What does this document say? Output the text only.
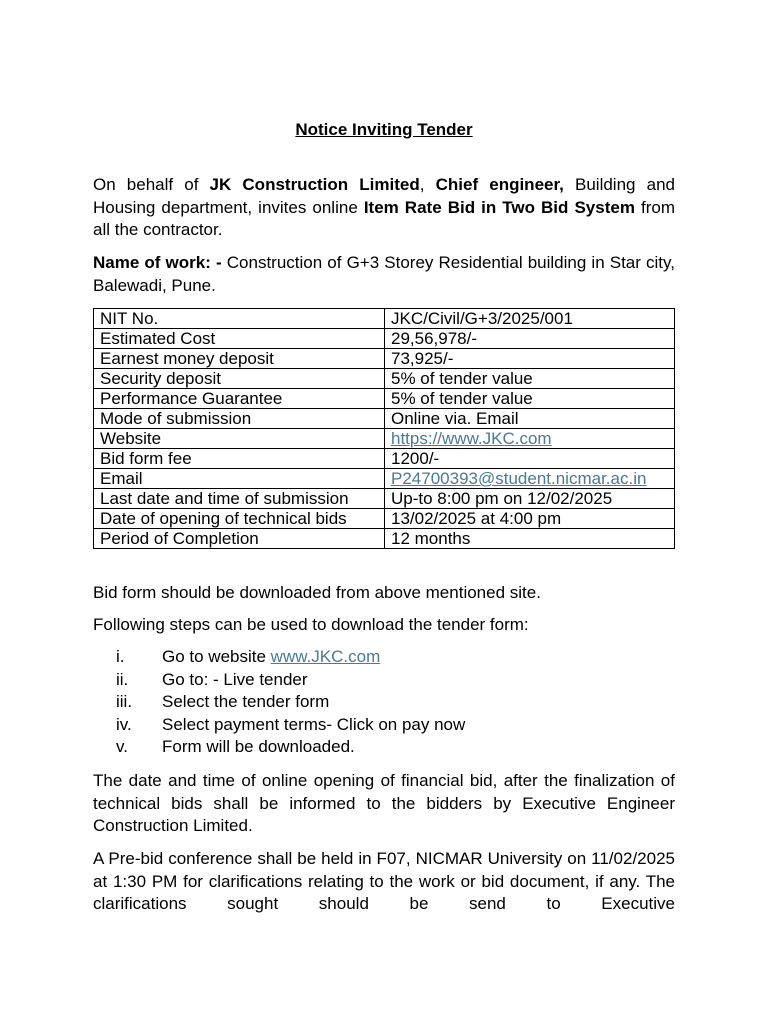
Notice Inviting Tender

On behalf of JK Construction Limited, Chief engineer, Building and Housing department, invites online Item Rate Bid in Two Bid System from all the contractor.

Name of work: - Construction of G+3 Storey Residential building in Star city, Balewadi, Pune.

NIT No.	JKC/Civil/G+3/2025/001
Estimated Cost	29,56,978/-
Earnest money deposit	73,925/-
Security deposit	5% of tender value
Performance Guarantee	5% of tender value
Mode of submission	Online via. Email
Website	https://www.JKC.com
Bid form fee	1200/-
Email	P24700393@student.nicmar.ac.in
Last date and time of submission	Up-to 8:00 pm on 12/02/2025
Date of opening of technical bids	13/02/2025 at 4:00 pm
Period of Completion	12 months

Bid form should be downloaded from above mentioned site.

Following steps can be used to download the tender form:

i. Go to website www.JKC.com
ii. Go to: - Live tender
iii. Select the tender form
iv. Select payment terms- Click on pay now
v. Form will be downloaded.

The date and time of online opening of financial bid, after the finalization of technical bids shall be informed to the bidders by Executive Engineer Construction Limited.

A Pre-bid conference shall be held in F07, NICMAR University on 11/02/2025 at 1:30 PM for clarifications relating to the work or bid document, if any. The clarifications sought should be send to Executive
